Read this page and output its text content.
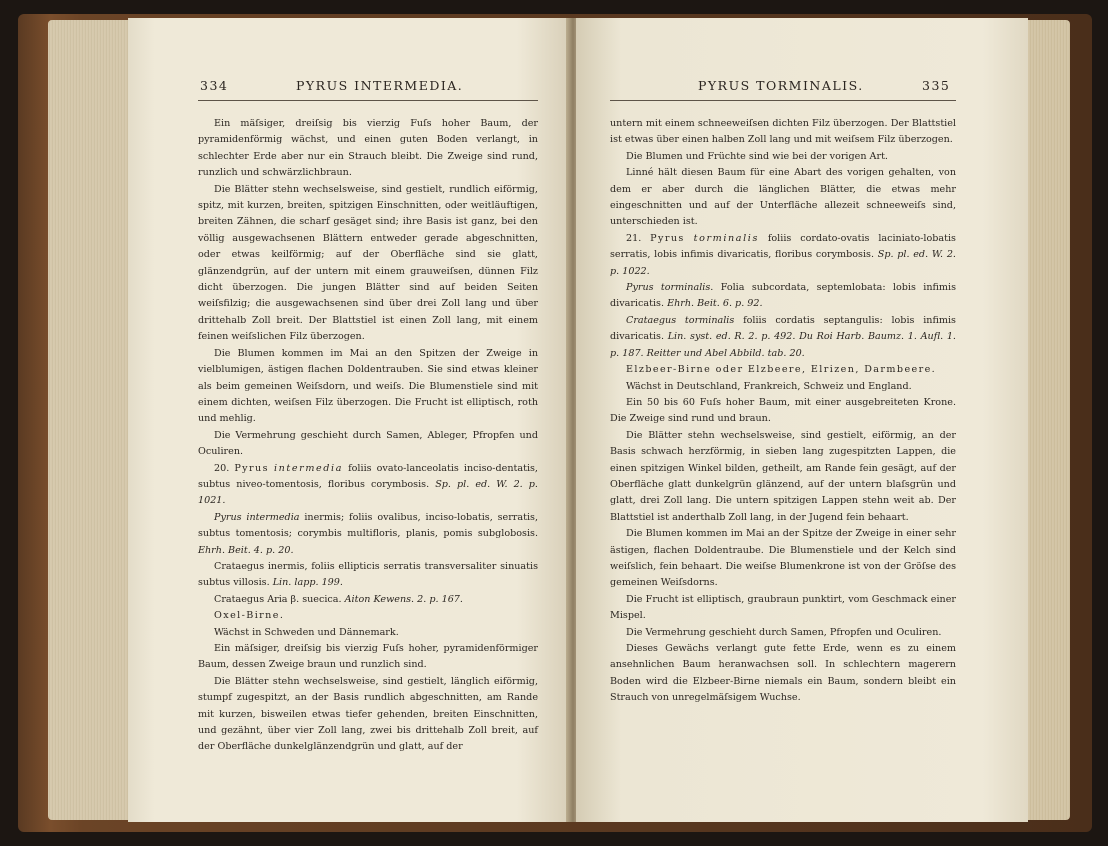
334	PYRUS INTERMEDIA.

Ein mäſsiger, dreiſsig bis vierzig Fuſs hoher Baum, der pyramidenförmig wächst, und einen guten Boden verlangt, in schlechter Erde aber nur ein Strauch bleibt. Die Zweige sind rund, runzlich und schwärzlichbraun.

Die Blätter stehn wechselsweise, sind gestielt, rundlich eiförmig, spitz, mit kurzen, breiten, spitzigen Einschnitten, oder weitläuftigen, breiten Zähnen, die scharf gesäget sind; ihre Basis ist ganz, bei den völlig ausgewachsenen Blättern entweder gerade abgeschnitten, oder etwas keilförmig; auf der Oberfläche sind sie glatt, glänzendgrün, auf der untern mit einem grauweiſsen, dünnen Filz dicht überzogen. Die jungen Blätter sind auf beiden Seiten weiſsfilzig; die ausgewachsenen sind über drei Zoll lang und über drittehalb Zoll breit. Der Blattstiel ist einen Zoll lang, mit einem feinen weiſslichen Filz überzogen.

Die Blumen kommen im Mai an den Spitzen der Zweige in vielblumigen, ästigen flachen Doldentrauben. Sie sind etwas kleiner als beim gemeinen Weiſsdorn, und weiſs. Die Blumenstiele sind mit einem dichten, weiſsen Filz überzogen. Die Frucht ist elliptisch, roth und mehlig.

Die Vermehrung geschieht durch Samen, Ableger, Pfropfen und Oculiren.

20. Pyrus intermedia foliis ovato-lanceolatis inciso-dentatis, subtus niveo-tomentosis, floribus corymbosis. Sp. pl. ed. W. 2. p. 1021.

Pyrus intermedia inermis; foliis ovalibus, inciso-lobatis, serratis, subtus tomentosis; corymbis multifloris, planis, pomis subglobosis. Ehrh. Beit. 4. p. 20.

Crataegus inermis, foliis ellipticis serratis transversaliter sinuatis subtus villosis. Lin. lapp. 199.

Crataegus Aria β. suecica. Aiton Kewens. 2. p. 167.

Oxel-Birne.

Wächst in Schweden und Dännemark.

Ein mäſsiger, dreiſsig bis vierzig Fuſs hoher, pyramidenförmiger Baum, dessen Zweige braun und runzlich sind.

Die Blätter stehn wechselsweise, sind gestielt, länglich eiförmig, stumpf zugespitzt, an der Basis rundlich abgeschnitten, am Rande mit kurzen, bisweilen etwas tiefer gehenden, breiten Einschnitten, und gezähnt, über vier Zoll lang, zwei bis drittehalb Zoll breit, auf der Oberfläche dunkelglänzendgrün und glatt, auf der

PYRUS TORMINALIS.	335

untern mit einem schneeweiſsen dichten Filz überzogen. Der Blattstiel ist etwas über einen halben Zoll lang und mit weiſsem Filz überzogen.

Die Blumen und Früchte sind wie bei der vorigen Art.

Linné hält diesen Baum für eine Abart des vorigen gehalten, von dem er aber durch die länglichen Blätter, die etwas mehr eingeschnitten und auf der Unterfläche allezeit schneeweiſs sind, unterschieden ist.

21. Pyrus torminalis foliis cordato-ovatis laciniato-lobatis serratis, lobis infimis divaricatis, floribus corymbosis. Sp. pl. ed. W. 2. p. 1022.

Pyrus torminalis. Folia subcordata, septemlobata: lobis infimis divaricatis. Ehrh. Beit. 6. p. 92.

Crataegus torminalis foliis cordatis septangulis: lobis infimis divaricatis. Lin. syst. ed. R. 2. p. 492. Du Roi Harb. Baumz. 1. Aufl. 1. p. 187. Reitter und Abel Abbild. tab. 20.

Elzbeer-Birne oder Elzbeere, Elrizen, Darmbeere.

Wächst in Deutschland, Frankreich, Schweiz und England.

Ein 50 bis 60 Fuſs hoher Baum, mit einer ausgebreiteten Krone. Die Zweige sind rund und braun.

Die Blätter stehn wechselsweise, sind gestielt, eiförmig, an der Basis schwach herzförmig, in sieben lang zugespitzten Lappen, die einen spitzigen Winkel bilden, getheilt, am Rande fein gesägt, auf der Oberfläche glatt dunkelgrün glänzend, auf der untern blaſsgrün und glatt, drei Zoll lang. Die untern spitzigen Lappen stehn weit ab. Der Blattstiel ist anderthalb Zoll lang, in der Jugend fein behaart.

Die Blumen kommen im Mai an der Spitze der Zweige in einer sehr ästigen, flachen Doldentraube. Die Blumenstiele und der Kelch sind weiſslich, fein behaart. Die weiſse Blumenkrone ist von der Gröſse des gemeinen Weiſsdorns.

Die Frucht ist elliptisch, graubraun punktirt, vom Geschmack einer Mispel.

Die Vermehrung geschieht durch Samen, Pfropfen und Oculiren.

Dieses Gewächs verlangt gute fette Erde, wenn es zu einem ansehnlichen Baum heranwachsen soll. In schlechtern magerern Boden wird die Elzbeer-Birne niemals ein Baum, sondern bleibt ein Strauch von unregelmäſsigem Wuchse.
